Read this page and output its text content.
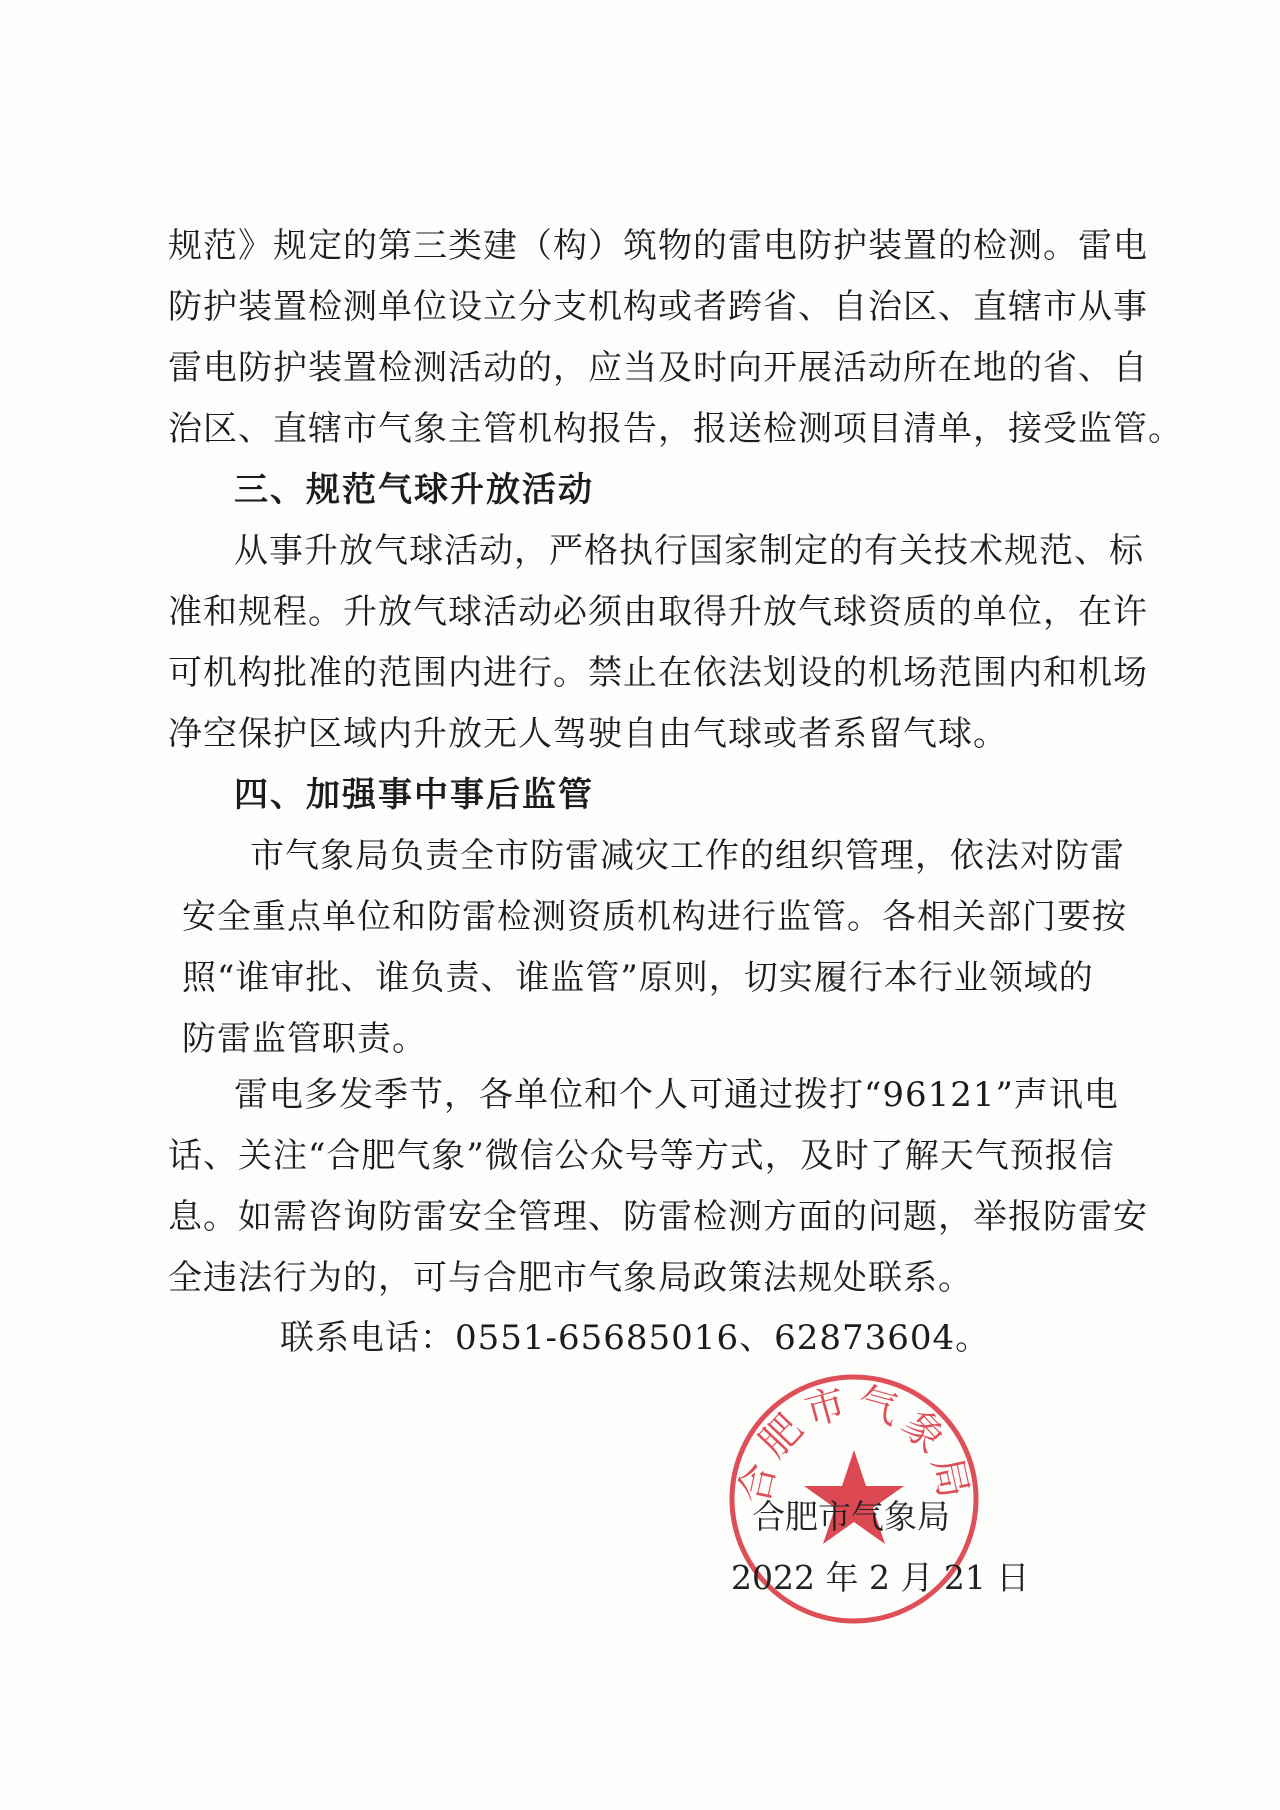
规范》规定的第三类建（构）筑物的雷电防护装置的检测。雷电
防护装置检测单位设立分支机构或者跨省、自治区、直辖市从事
雷电防护装置检测活动的，应当及时向开展活动所在地的省、自
治区、直辖市气象主管机构报告，报送检测项目清单，接受监管。
三、规范气球升放活动
从事升放气球活动，严格执行国家制定的有关技术规范、标
准和规程。升放气球活动必须由取得升放气球资质的单位，在许
可机构批准的范围内进行。禁止在依法划设的机场范围内和机场
净空保护区域内升放无人驾驶自由气球或者系留气球。
四、加强事中事后监管
市气象局负责全市防雷减灾工作的组织管理，依法对防雷
安全重点单位和防雷检测资质机构进行监管。各相关部门要按
照“谁审批、谁负责、谁监管”原则，切实履行本行业领域的
防雷监管职责。
雷电多发季节，各单位和个人可通过拨打“96121”声讯电
话、关注“合肥气象”微信公众号等方式，及时了解天气预报信
息。如需咨询防雷安全管理、防雷检测方面的问题，举报防雷安
全违法行为的，可与合肥市气象局政策法规处联系。
联系电话：0551-65685016、62873604。
合肥市气象局
合肥市气象局
2022 年 2 月 21 日
